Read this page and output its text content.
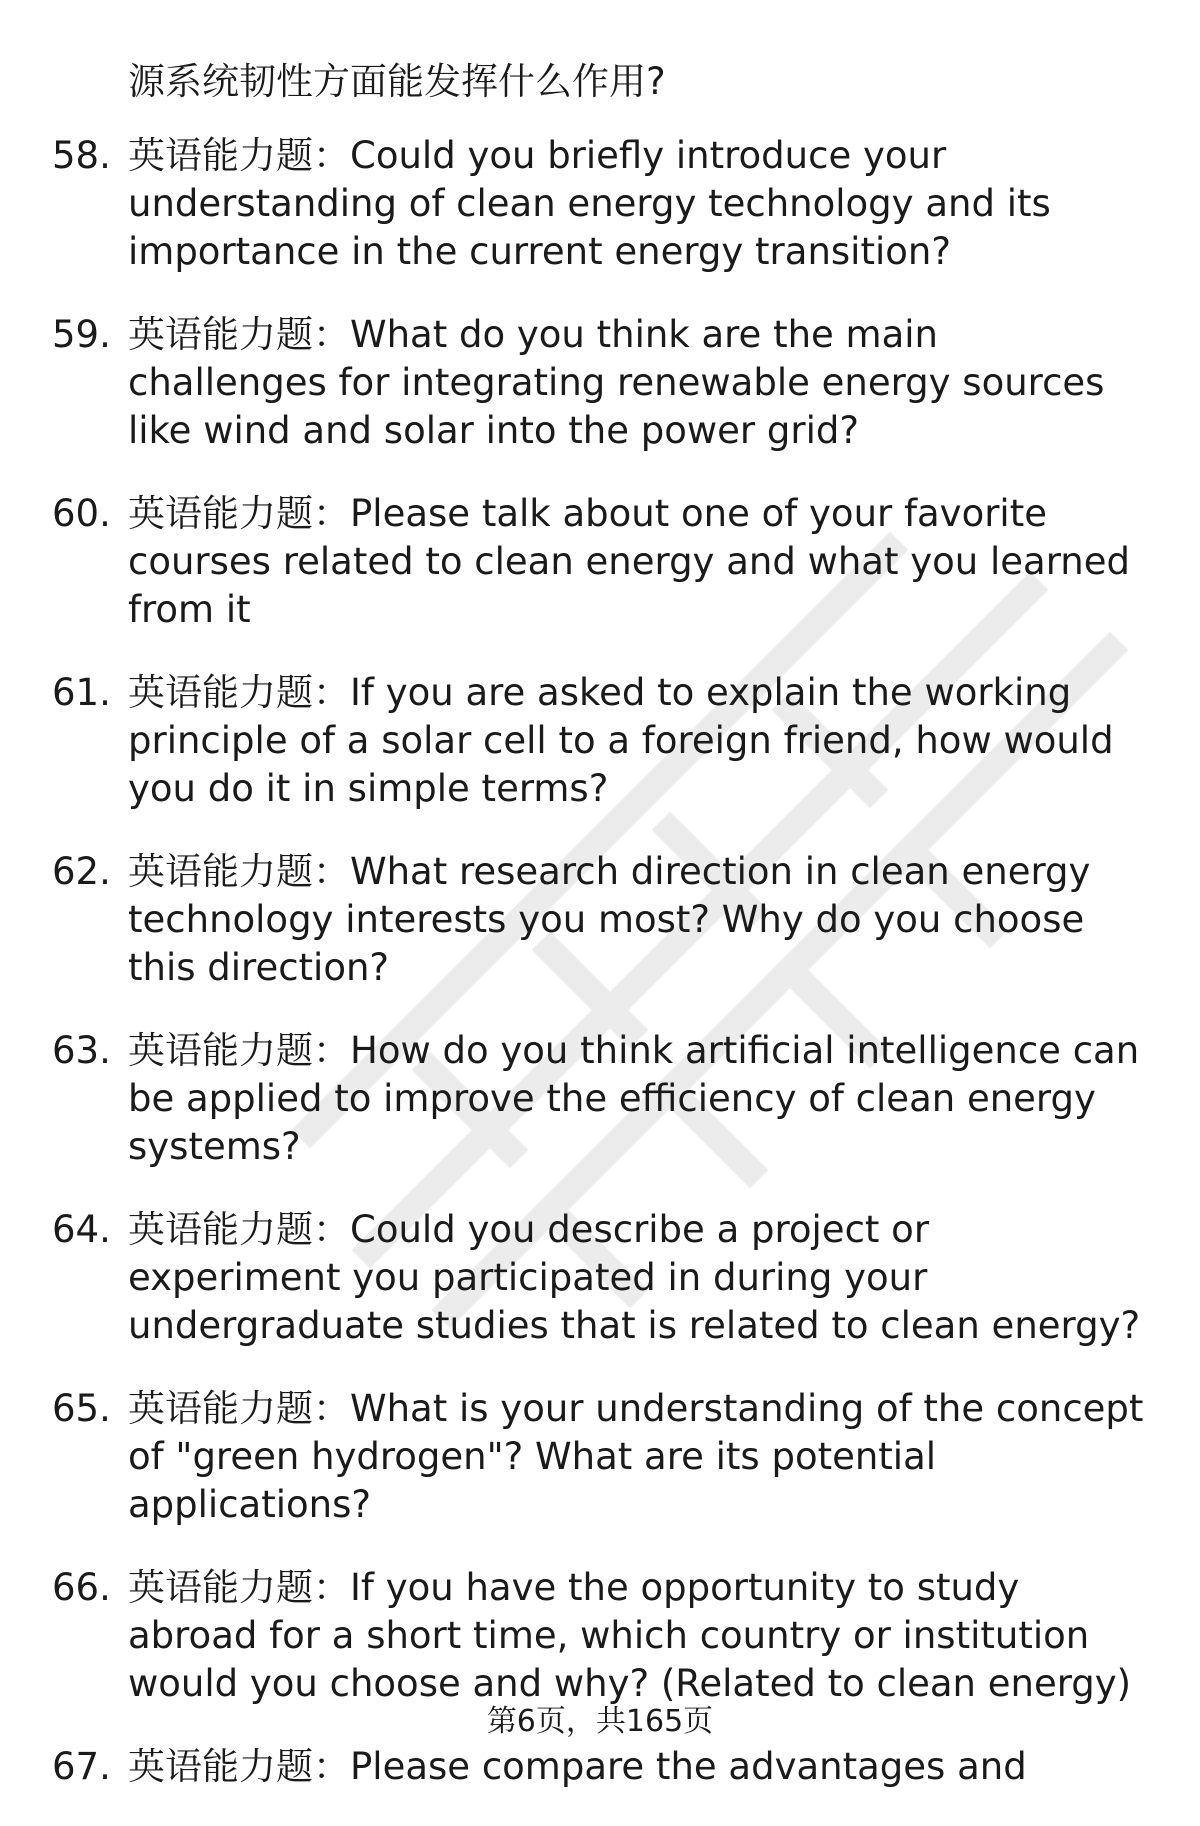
源系统韧性方面能发挥什么作用?
58. 英语能力题：Could you briefly introduce your understanding of clean energy technology and its importance in the current energy transition?
59. 英语能力题：What do you think are the main challenges for integrating renewable energy sources like wind and solar into the power grid?
60. 英语能力题：Please talk about one of your favorite courses related to clean energy and what you learned from it
61. 英语能力题：If you are asked to explain the working principle of a solar cell to a foreign friend, how would you do it in simple terms?
62. 英语能力题：What research direction in clean energy technology interests you most? Why do you choose this direction?
63. 英语能力题：How do you think artificial intelligence can be applied to improve the efficiency of clean energy systems?
64. 英语能力题：Could you describe a project or experiment you participated in during your undergraduate studies that is related to clean energy?
65. 英语能力题：What is your understanding of the concept of "green hydrogen"? What are its potential applications?
66. 英语能力题：If you have the opportunity to study abroad for a short time, which country or institution would you choose and why? (Related to clean energy)
67. 英语能力题：Please compare the advantages and
第6页，共165页
